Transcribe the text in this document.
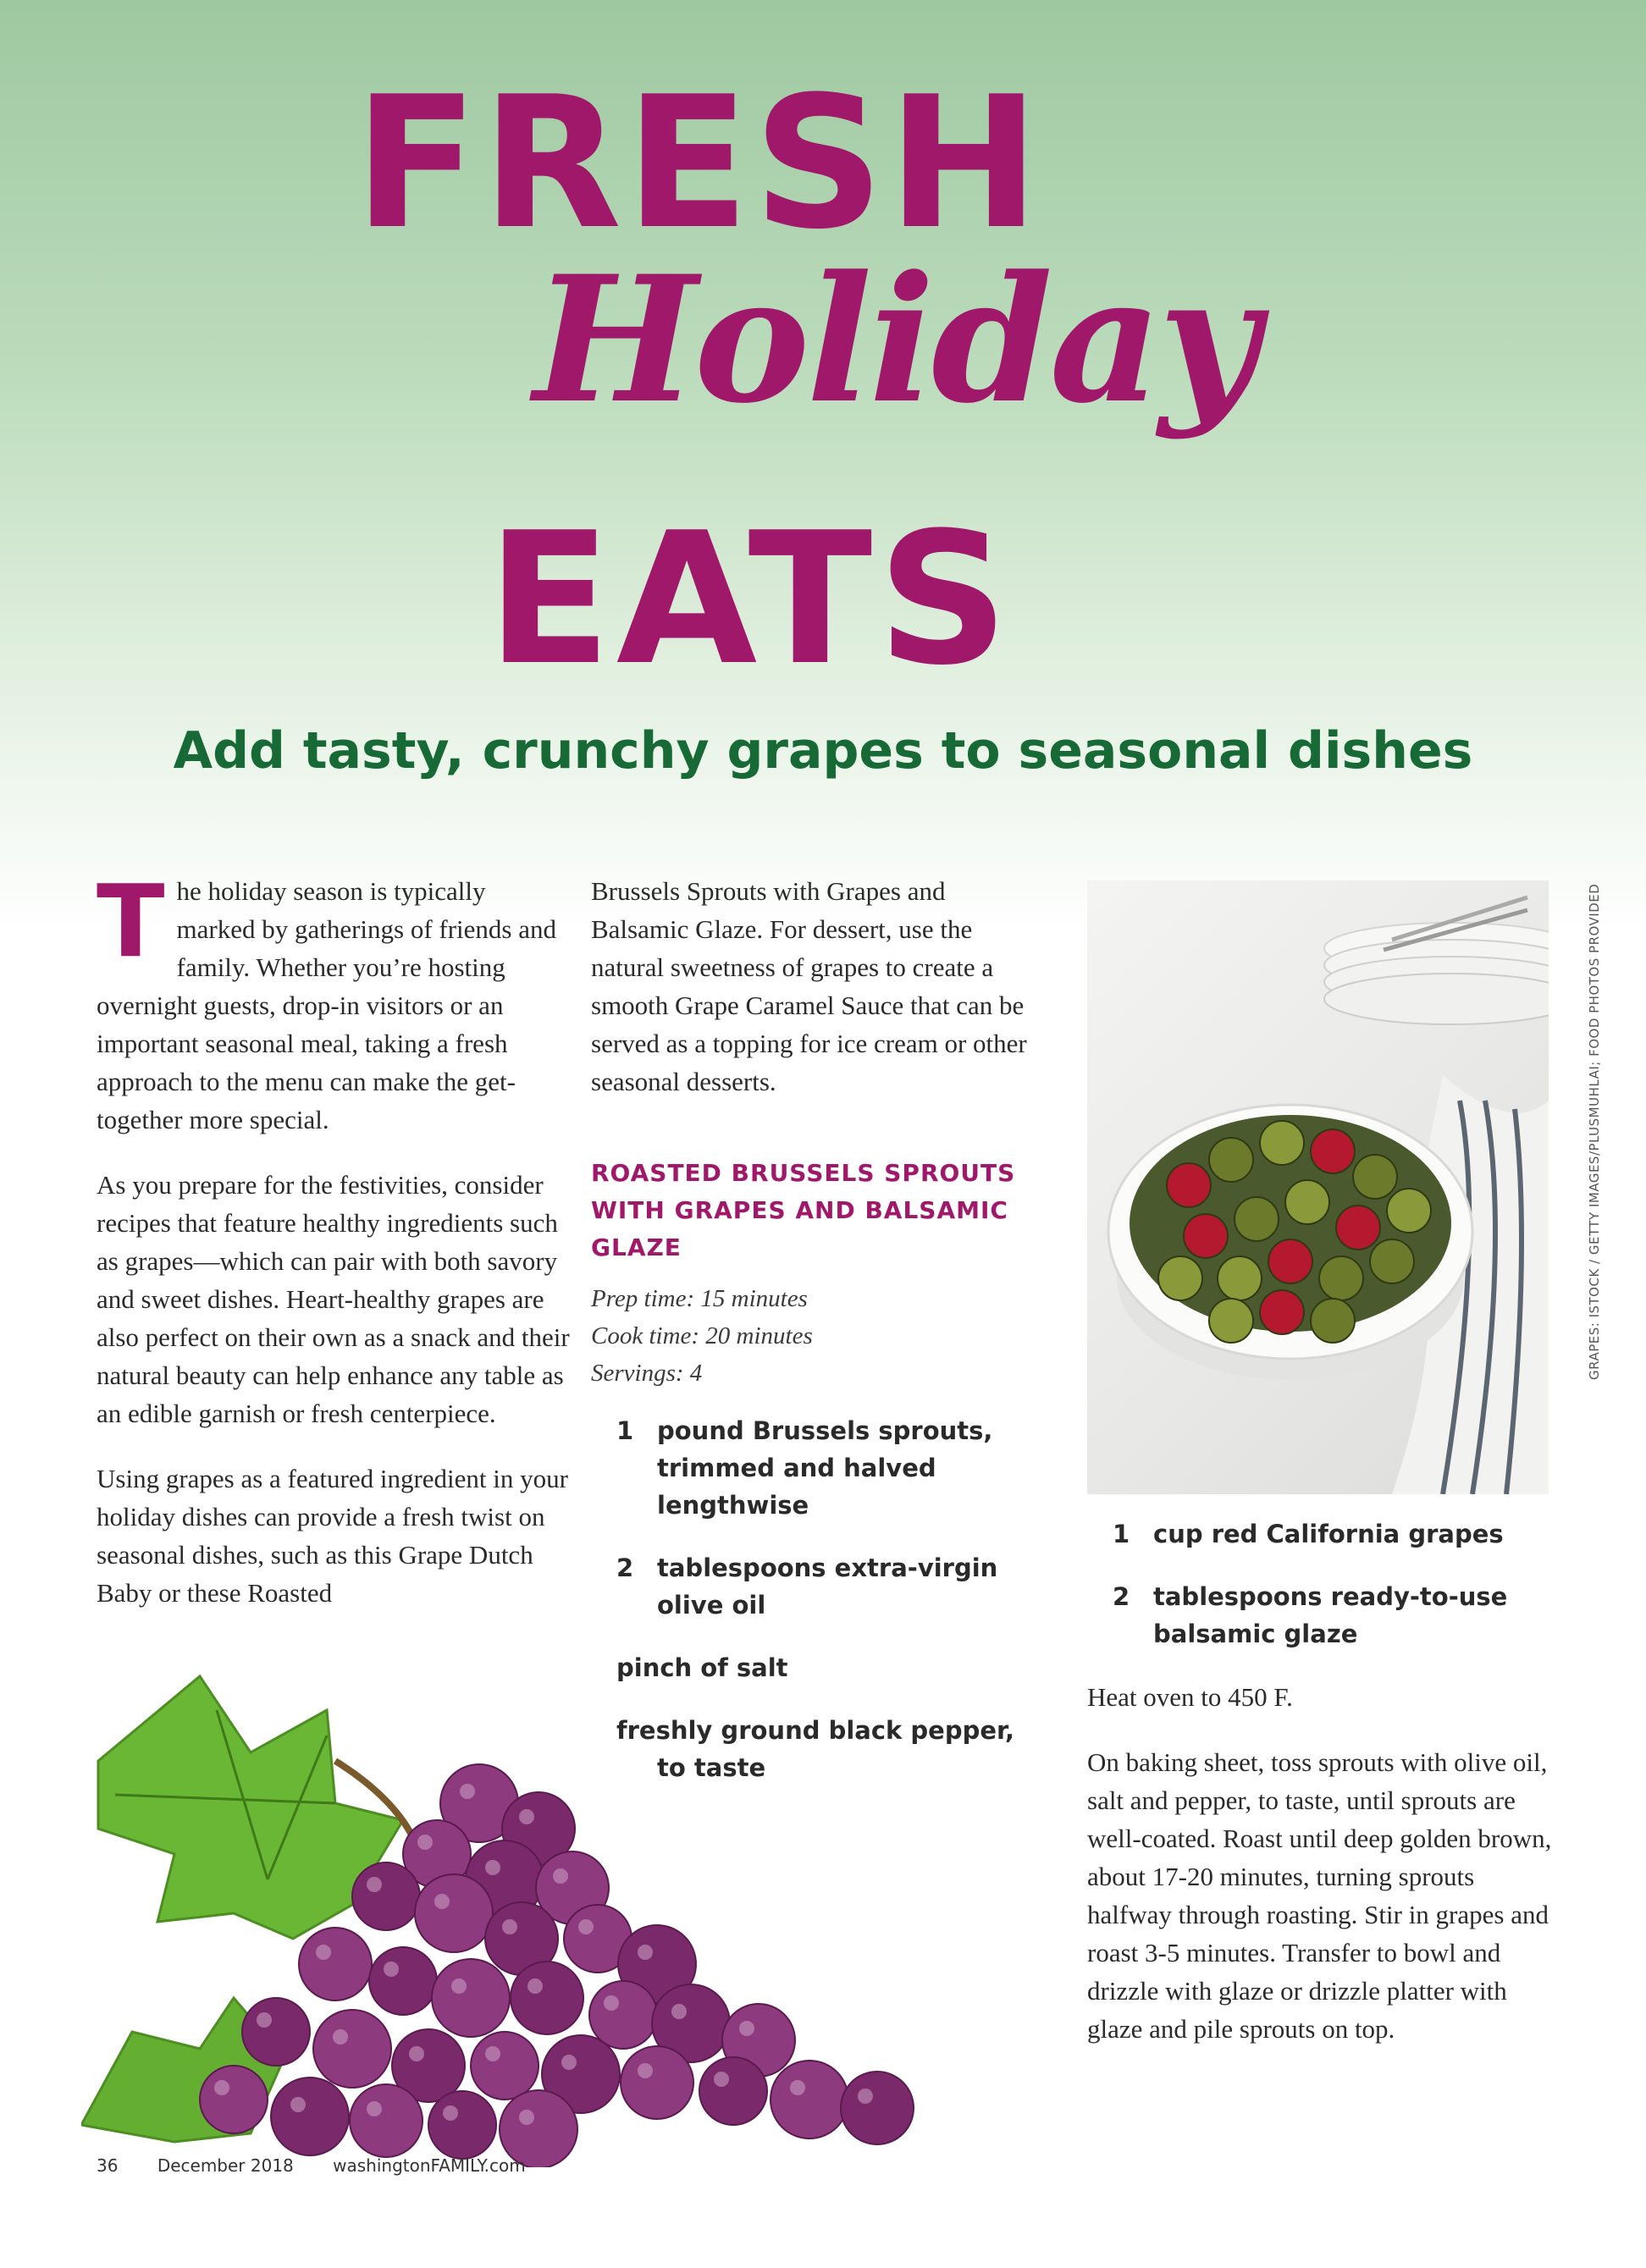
FRESH
Holiday
EATS
Add tasty, crunchy grapes to seasonal dishes

The holiday season is typically marked by gatherings of friends and family. Whether you’re hosting overnight guests, drop-in visitors or an important seasonal meal, taking a fresh approach to the menu can make the get-together more special.

As you prepare for the festivities, consider recipes that feature healthy ingredients such as grapes—which can pair with both savory and sweet dishes. Heart-healthy grapes are also perfect on their own as a snack and their natural beauty can help enhance any table as an edible garnish or fresh centerpiece.

Using grapes as a featured ingredient in your holiday dishes can provide a fresh twist on seasonal dishes, such as this Grape Dutch Baby or these Roasted

Brussels Sprouts with Grapes and Balsamic Glaze. For dessert, use the natural sweetness of grapes to create a smooth Grape Caramel Sauce that can be served as a topping for ice cream or other seasonal desserts.

ROASTED BRUSSELS SPROUTS WITH GRAPES AND BALSAMIC GLAZE

Prep time: 15 minutes

Cook time: 20 minutes

Servings: 4

1 pound Brussels sprouts, trimmed and halved lengthwise
2 tablespoons extra-virgin olive oil
pinch of salt
freshly ground black pepper, to taste
GRAPES: ISTOCK / GETTY IMAGES/PLUSMUHLAI; FOOD PHOTOS PROVIDED
1 cup red California grapes
2 tablespoons ready-to-use balsamic glaze

Heat oven to 450 F.

On baking sheet, toss sprouts with olive oil, salt and pepper, to taste, until sprouts are well-coated. Roast until deep golden brown, about 17-20 minutes, turning sprouts halfway through roasting. Stir in grapes and roast 3-5 minutes. Transfer to bowl and drizzle with glaze or drizzle platter with glaze and pile sprouts on top.

36 December 2018 washingtonFAMILY.com
